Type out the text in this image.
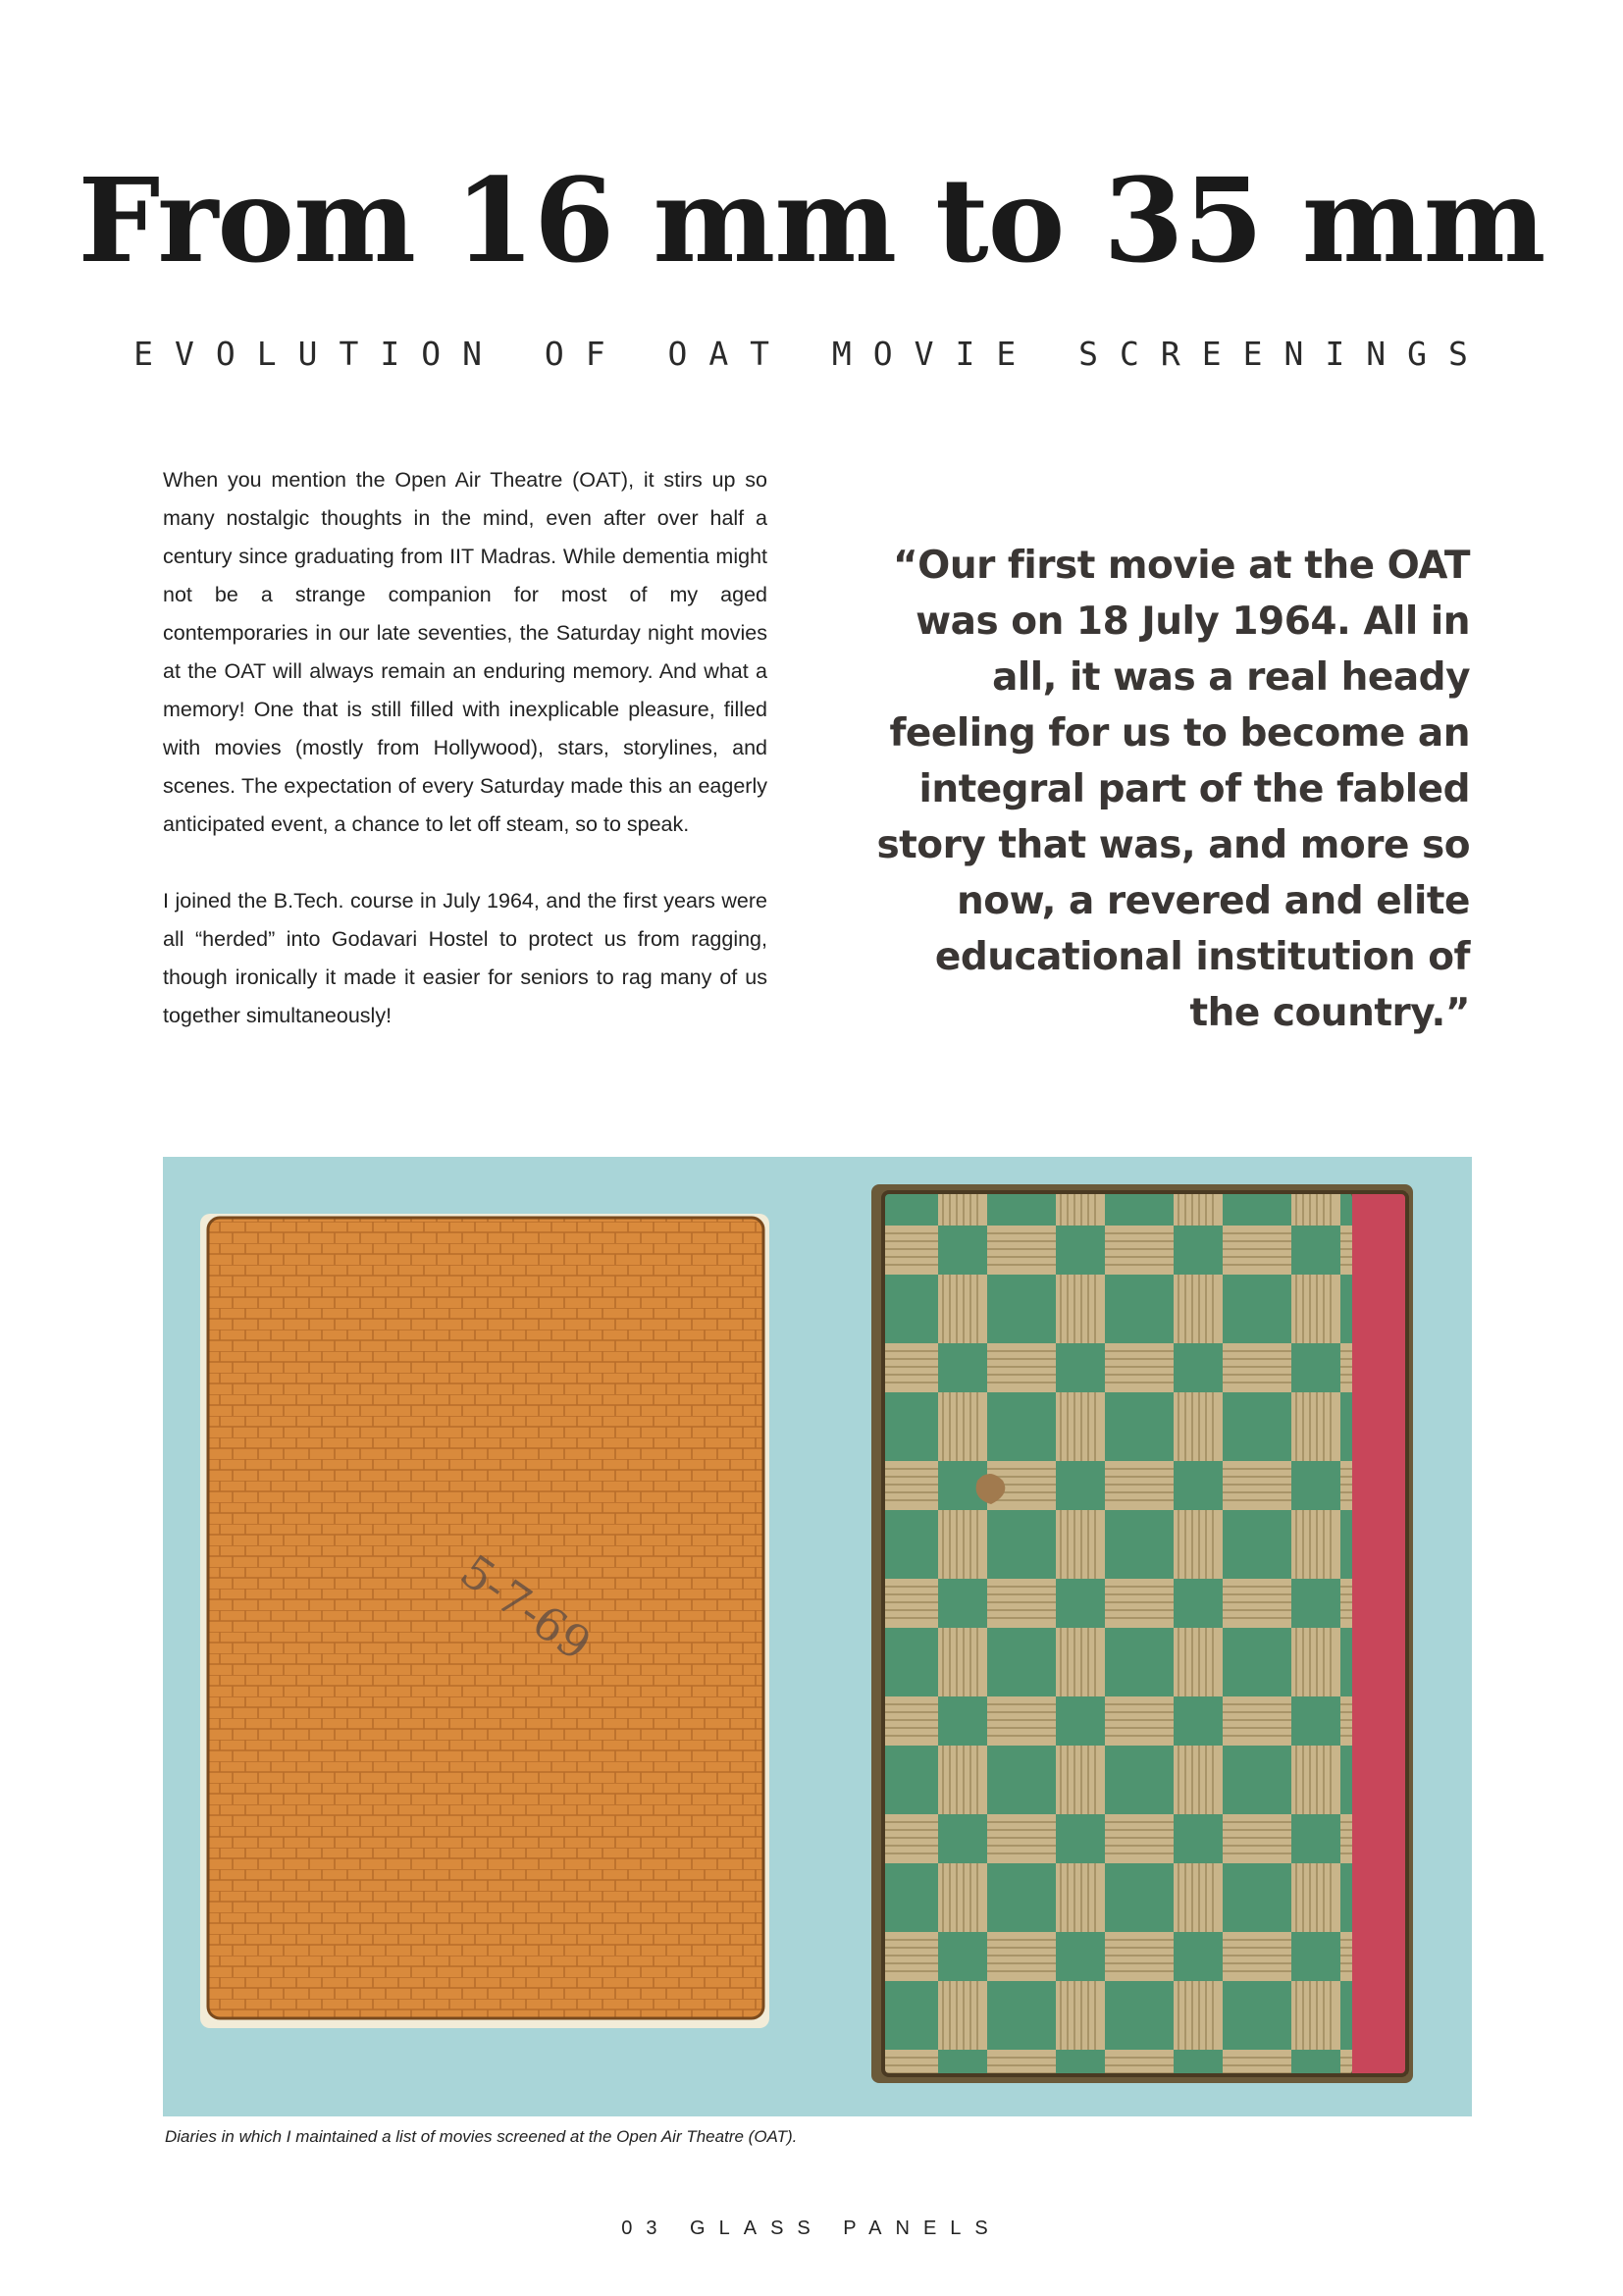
From 16 mm to 35 mm
EVOLUTION OF OAT MOVIE SCREENINGS

When you mention the Open Air Theatre (OAT), it stirs up so many nostalgic thoughts in the mind, even after over half a century since graduating from IIT Madras. While dementia might not be a strange companion for most of my aged contemporaries in our late seventies, the Saturday night movies at the OAT will always remain an enduring memory. And what a memory! One that is still filled with inexplicable pleasure, filled with movies (mostly from Hollywood), stars, storylines, and scenes. The expectation of every Saturday made this an eagerly anticipated event, a chance to let off steam, so to speak.

I joined the B.Tech. course in July 1964, and the first years were all “herded” into Godavari Hostel to protect us from ragging, though ironically it made it easier for seniors to rag many of us together simultaneously!

“Our first movie at the OAT was on 18 July 1964. All in all, it was a real heady feeling for us to become an integral part of the fabled story that was, and more so now, a revered and elite educational institution of the country.”
5-7-69
Diaries in which I maintained a list of movies screened at the Open Air Theatre (OAT).
03 GLASS PANELS
